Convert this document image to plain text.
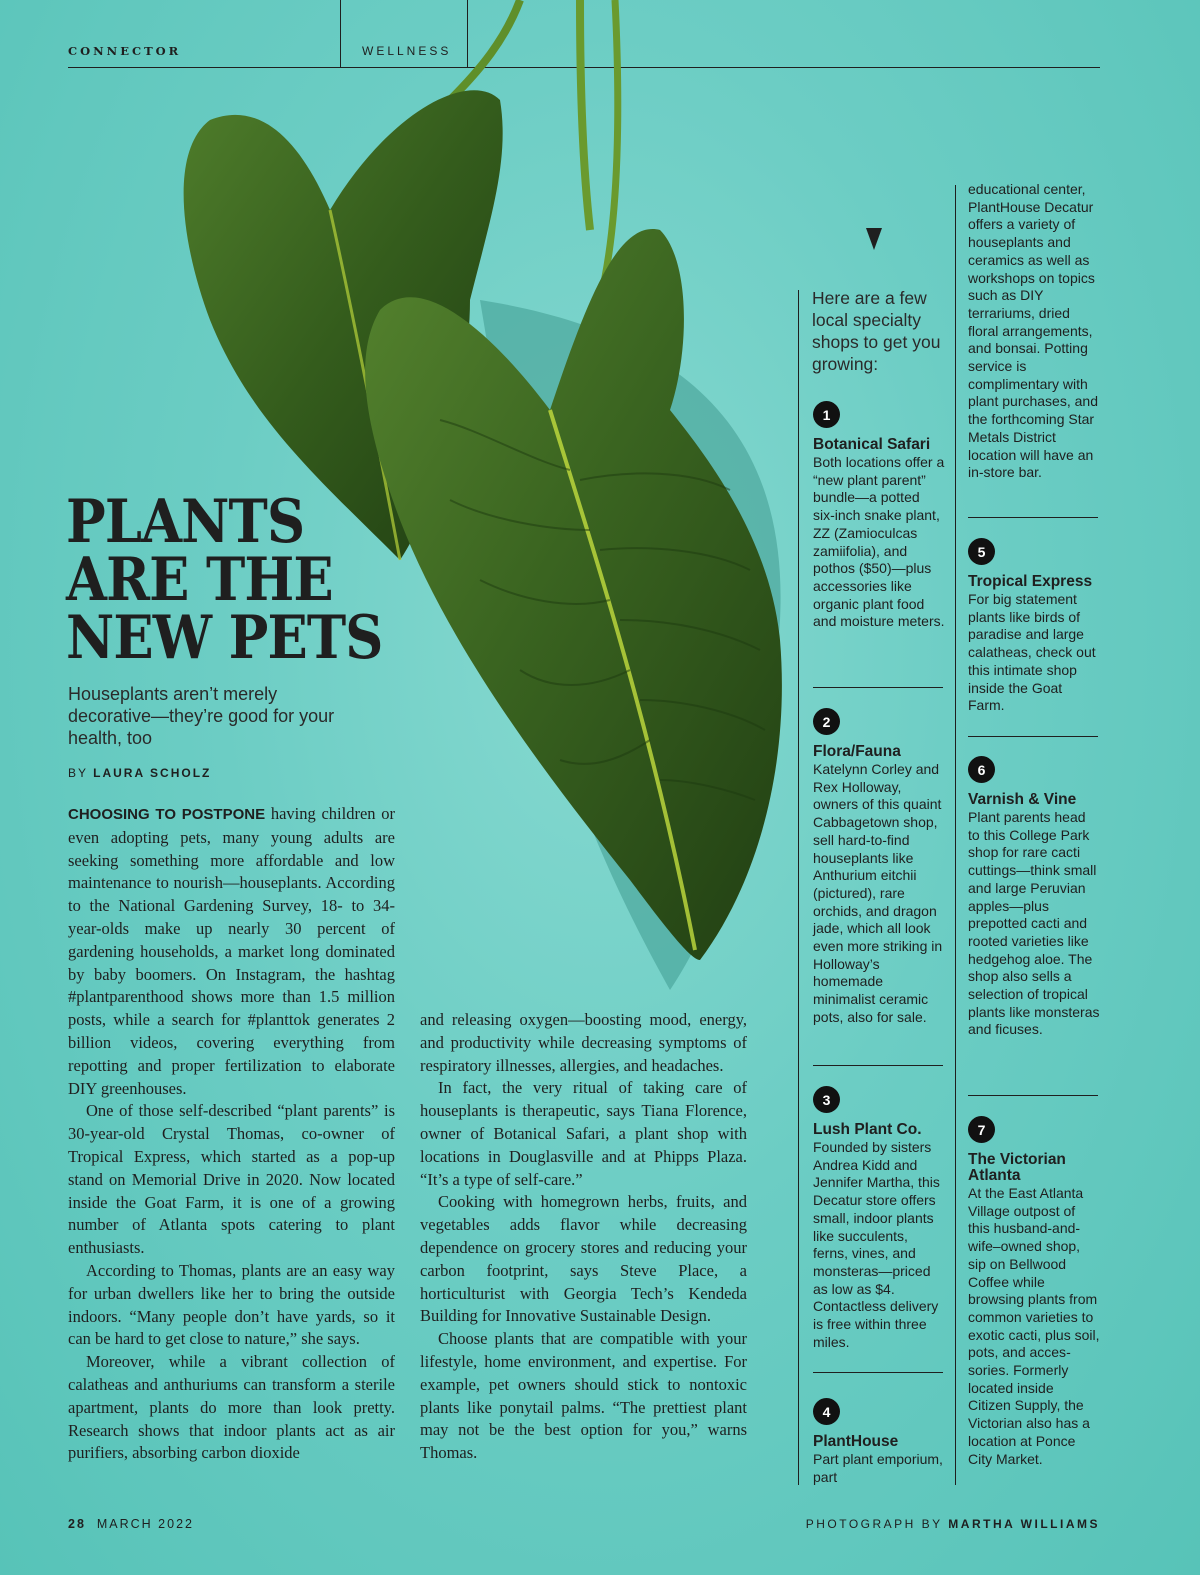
CONNECTOR	WELLNESS
PLANTS
ARE THE
NEW PETS
Houseplants aren’t merely decorative—they’re good for your health, too
BY LAURA SCHOLZ

CHOOSING TO POSTPONE having children or even adopting pets, many young adults are seeking something more affordable and low maintenance to nourish—houseplants. According to the National Gardening Survey, 18- to 34-year-olds make up nearly 30 percent of gardening households, a market long dominated by baby boomers. On Instagram, the hashtag #plantparenthood shows more than 1.5 million posts, while a search for #planttok generates 2 billion videos, covering everything from repotting and proper fertilization to elaborate DIY greenhouses.

One of those self-described “plant parents” is 30-year-old Crystal Thomas, co-owner of Tropical Express, which started as a pop-up stand on Memorial Drive in 2020. Now located inside the Goat Farm, it is one of a growing number of Atlanta spots catering to plant enthusiasts.

According to Thomas, plants are an easy way for urban dwellers like her to bring the outside indoors. “Many people don’t have yards, so it can be hard to get close to nature,” she says.

Moreover, while a vibrant collection of calatheas and anthuriums can transform a sterile apartment, plants do more than look pretty. Research shows that indoor plants act as air purifiers, absorbing carbon dioxide

and releasing oxygen—boosting mood, energy, and productivity while decreasing symptoms of respiratory illnesses, allergies, and headaches.

In fact, the very ritual of taking care of houseplants is therapeutic, says Tiana Florence, owner of Botanical Safari, a plant shop with locations in Douglasville and at Phipps Plaza. “It’s a type of self-care.”

Cooking with homegrown herbs, fruits, and vegetables adds flavor while decreasing dependence on grocery stores and reducing your carbon footprint, says Steve Place, a horticulturist with Georgia Tech’s Kendeda Building for Innovative Sustainable Design.

Choose plants that are compatible with your lifestyle, home environment, and expertise. For example, pet owners should stick to nontoxic plants like ponytail palms. “The prettiest plant may not be the best option for you,” warns Thomas.

Here are a few local specialty shops to get you growing:
1
Botanical Safari
Both locations offer a “new plant parent” bundle—a potted six-inch snake plant, ZZ (Zamioculcas zamiifolia), and pothos ($50)—plus accessories like organic plant food and moisture meters.
2
Flora/Fauna
Katelynn Corley and Rex Holloway, owners of this quaint Cabbagetown shop, sell hard-to-find houseplants like Anthurium eitchii (pictured), rare orchids, and dragon jade, which all look even more striking in Holloway’s homemade minimalist ceramic pots, also for sale.
3
Lush Plant Co.
Founded by sisters Andrea Kidd and Jennifer Martha, this Decatur store offers small, indoor plants like succulents, ferns, vines, and monsteras—priced as low as $4. Contactless delivery is free within three miles.
4
PlantHouse
Part plant emporium, part
educational center, PlantHouse Decatur offers a variety of houseplants and ceramics as well as workshops on topics such as DIY terrariums, dried floral arrangements, and bonsai. Potting service is complimentary with plant purchases, and the forthcoming Star Metals District location will have an in-store bar.
5
Tropical Express
For big statement plants like birds of paradise and large calatheas, check out this intimate shop inside the Goat Farm.
6
Varnish & Vine
Plant parents head to this College Park shop for rare cacti cuttings—think small and large Peruvian apples—plus prepotted cacti and rooted varieties like hedgehog aloe. The shop also sells a selection of tropical plants like monsteras and ficuses.
7
The Victorian Atlanta
At the East Atlanta Village outpost of this husband-and-wife–owned shop, sip on Bellwood Coffee while browsing plants from common varieties to exotic cacti, plus soil, pots, and accessories. Formerly located inside Citizen Supply, the Victorian also has a location at Ponce City Market.
28 MARCH 2022	PHOTOGRAPH BY MARTHA WILLIAMS
